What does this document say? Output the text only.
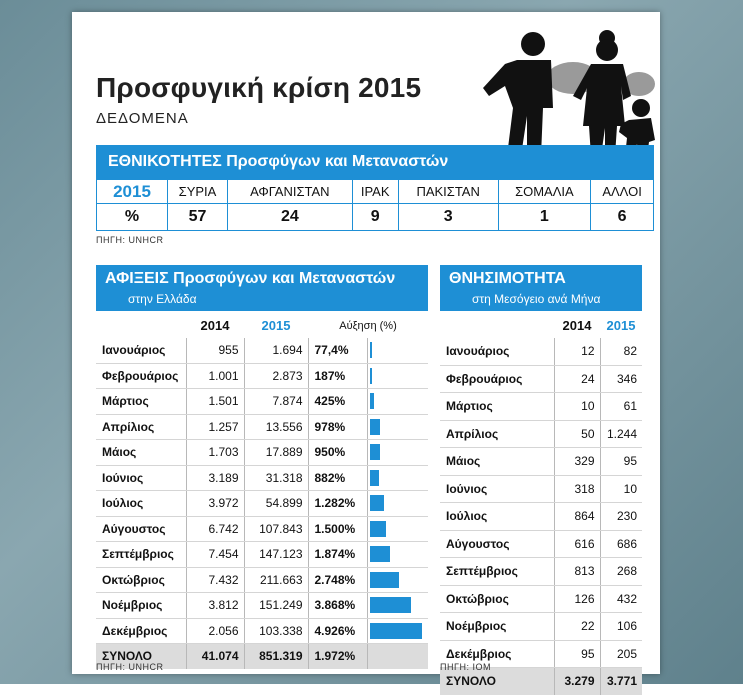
Προσφυγική κρίση 2015
ΔΕΔΟΜΕΝΑ
ΕΘΝΙΚΟΤΗΤΕΣ Προσφύγων και Μεταναστών
2015	ΣΥΡΙΑ	ΑΦΓΑΝΙΣΤΑΝ	ΙΡΑΚ	ΠΑΚΙΣΤΑΝ	ΣΟΜΑΛΙΑ	ΑΛΛΟΙ
%	57	24	9	3	1	6
ΠΗΓΗ: UNHCR
ΑΦΙΞΕΙΣ Προσφύγων και Μεταναστών
στην Ελλάδα
	2014	2015	Αύξηση (%)	
Ιανουάριος	955	1.694	77,4%	

Φεβρουάριος	1.001	2.873	187%	

Μάρτιος	1.501	7.874	425%	

Απρίλιος	1.257	13.556	978%	

Μάιος	1.703	17.889	950%	

Ιούνιος	3.189	31.318	882%	

Ιούλιος	3.972	54.899	1.282%	

Αύγουστος	6.742	107.843	1.500%	

Σεπτέμβριος	7.454	147.123	1.874%	

Οκτώβριος	7.432	211.663	2.748%	

Νοέμβριος	3.812	151.249	3.868%	

Δεκέμβριος	2.056	103.338	4.926%	

ΣΥΝΟΛΟ	41.074	851.319	1.972%	
ΠΗΓΗ: UNHCR
ΘΝΗΣΙΜΟΤΗΤΑ
στη Μεσόγειο ανά Μήνα
	2014	2015
Ιανουάριος	12	82
Φεβρουάριος	24	346
Μάρτιος	10	61
Απρίλιος	50	1.244
Μάιος	329	95
Ιούνιος	318	10
Ιούλιος	864	230
Αύγουστος	616	686
Σεπτέμβριος	813	268
Οκτώβριος	126	432
Νοέμβριος	22	106
Δεκέμβριος	95	205
ΣΥΝΟΛΟ	3.279	3.771
ΠΗΓΗ: IOM
